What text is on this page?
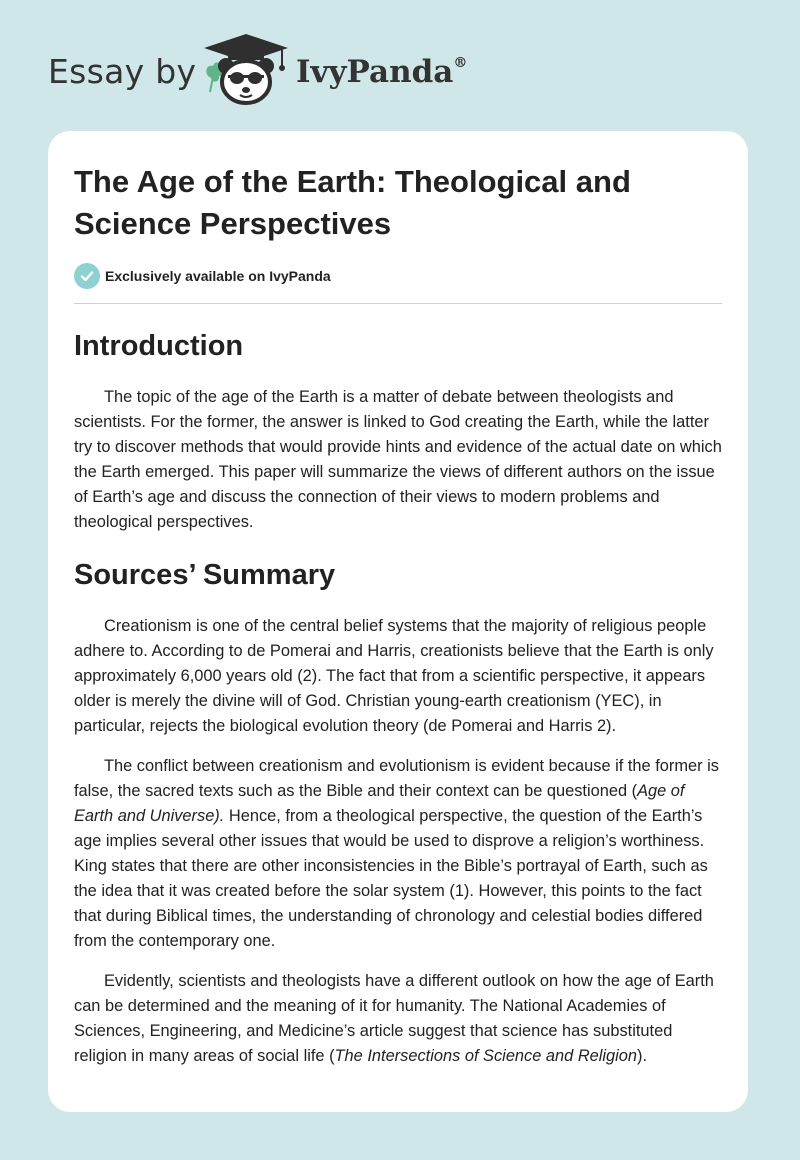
Essay by	IvyPanda®
The Age of the Earth: Theological and Science Perspectives
Exclusively available on IvyPanda
Introduction

The topic of the age of the Earth is a matter of debate between theologists and scientists. For the former, the answer is linked to God creating the Earth, while the latter try to discover methods that would provide hints and evidence of the actual date on which the Earth emerged. This paper will summarize the views of different authors on the issue of Earth’s age and discuss the connection of their views to modern problems and theological perspectives.

Sources’ Summary

Creationism is one of the central belief systems that the majority of religious people adhere to. According to de Pomerai and Harris, creationists believe that the Earth is only approximately 6,000 years old (2). The fact that from a scientific perspective, it appears older is merely the divine will of God. Christian young-earth creationism (YEC), in particular, rejects the biological evolution theory (de Pomerai and Harris 2).

The conflict between creationism and evolutionism is evident because if the former is false, the sacred texts such as the Bible and their context can be questioned (Age of Earth and Universe). Hence, from a theological perspective, the question of the Earth’s age implies several other issues that would be used to disprove a religion’s worthiness. King states that there are other inconsistencies in the Bible’s portrayal of Earth, such as the idea that it was created before the solar system (1). However, this points to the fact that during Biblical times, the understanding of chronology and celestial bodies differed from the contemporary one.

Evidently, scientists and theologists have a different outlook on how the age of Earth can be determined and the meaning of it for humanity. The National Academies of Sciences, Engineering, and Medicine’s article suggest that science has substituted religion in many areas of social life (The Intersections of Science and Religion).
